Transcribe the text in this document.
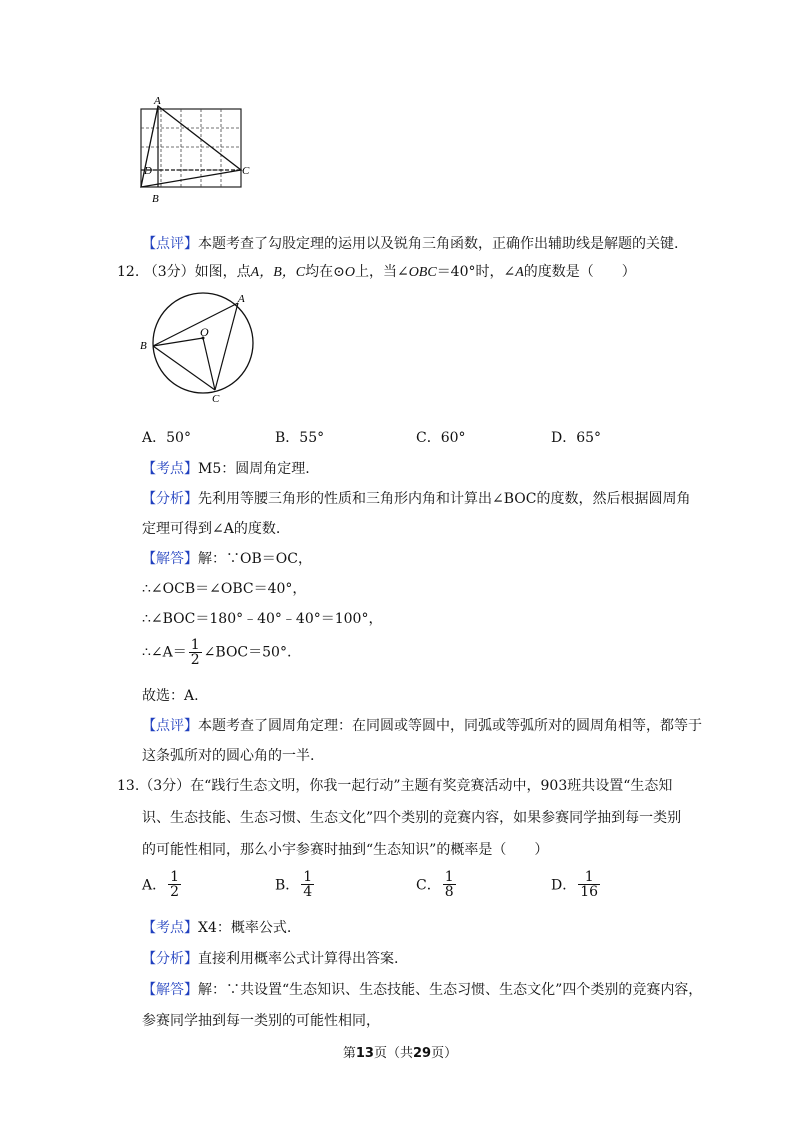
A
D	C
B
【点评】本题考查了勾股定理的运用以及锐角三角函数，正确作出辅助线是解题的关键.
12. （3分）如图，点A，B，C均在⊙O上，当∠OBC＝40°时，∠A的度数是（　　）
A
O
B
C
A．50°	B．55°	C．60°	D．65°
【考点】M5：圆周角定理.
【分析】先利用等腰三角形的性质和三角形内角和计算出∠BOC的度数，然后根据圆周角
定理可得到∠A的度数.
【解答】解：∵OB＝OC，
∴∠OCB＝∠OBC＝40°，
∴∠BOC＝180°﹣40°﹣40°＝100°，
∴∠A＝ $\frac{1}{2}$ ∠BOC＝50°.
故选：A.
【点评】本题考查了圆周角定理：在同圆或等圆中，同弧或等弧所对的圆周角相等，都等于
这条弧所对的圆心角的一半.
13.（3分）在“践行生态文明，你我一起行动”主题有奖竞赛活动中，903班共设置“生态知
识、生态技能、生态习惯、生态文化”四个类别的竞赛内容，如果参赛同学抽到每一类别
的可能性相同，那么小宇参赛时抽到“生态知识”的概率是（　　）
A． $\frac{1}{2}$	B． $\frac{1}{4}$	C． $\frac{1}{8}$	D． $\frac{1}{16}$
【考点】X4：概率公式.
【分析】直接利用概率公式计算得出答案.
【解答】解：∵共设置“生态知识、生态技能、生态习惯、生态文化”四个类别的竞赛内容，
参赛同学抽到每一类别的可能性相同，
第13页（共29页）
